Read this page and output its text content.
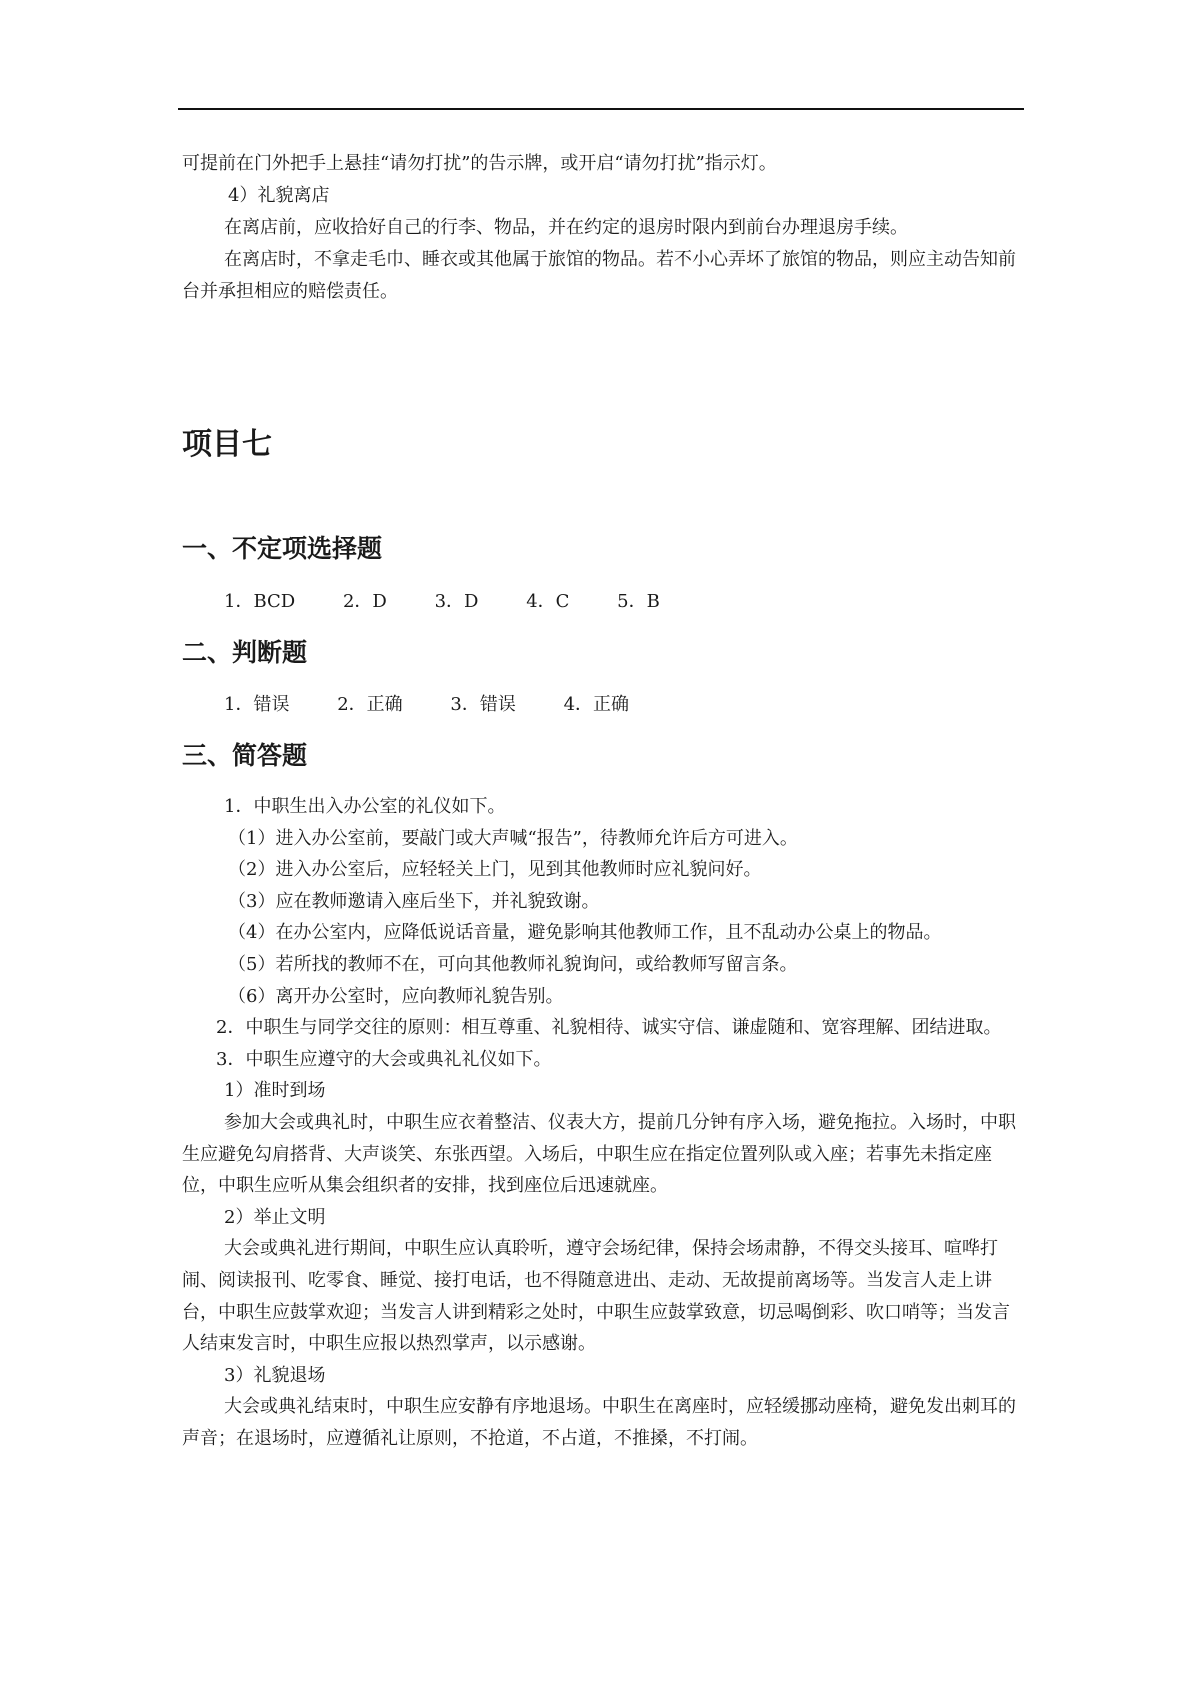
可提前在门外把手上悬挂“请勿打扰”的告示牌，或开启“请勿打扰”指示灯。

4）礼貌离店

在离店前，应收拾好自己的行李、物品，并在约定的退房时限内到前台办理退房手续。

在离店时，不拿走毛巾、睡衣或其他属于旅馆的物品。若不小心弄坏了旅馆的物品，则应主动告知前台并承担相应的赔偿责任。

项目七
一、不定项选择题
1．BCD	2．D	3．D	4．C	5．B
二、判断题
1．错误	2．正确	3．错误	4．正确
三、简答题

1．中职生出入办公室的礼仪如下。

（1）进入办公室前，要敲门或大声喊“报告”，待教师允许后方可进入。

（2）进入办公室后，应轻轻关上门，见到其他教师时应礼貌问好。

（3）应在教师邀请入座后坐下，并礼貌致谢。

（4）在办公室内，应降低说话音量，避免影响其他教师工作，且不乱动办公桌上的物品。

（5）若所找的教师不在，可向其他教师礼貌询问，或给教师写留言条。

（6）离开办公室时，应向教师礼貌告别。

2．中职生与同学交往的原则：相互尊重、礼貌相待、诚实守信、谦虚随和、宽容理解、团结进取。

3．中职生应遵守的大会或典礼礼仪如下。

1）准时到场

参加大会或典礼时，中职生应衣着整洁、仪表大方，提前几分钟有序入场，避免拖拉。入场时，中职生应避免勾肩搭背、大声谈笑、东张西望。入场后，中职生应在指定位置列队或入座；若事先未指定座位，中职生应听从集会组织者的安排，找到座位后迅速就座。

2）举止文明

大会或典礼进行期间，中职生应认真聆听，遵守会场纪律，保持会场肃静，不得交头接耳、喧哗打闹、阅读报刊、吃零食、睡觉、接打电话，也不得随意进出、走动、无故提前离场等。当发言人走上讲台，中职生应鼓掌欢迎；当发言人讲到精彩之处时，中职生应鼓掌致意，切忌喝倒彩、吹口哨等；当发言人结束发言时，中职生应报以热烈掌声，以示感谢。

3）礼貌退场

大会或典礼结束时，中职生应安静有序地退场。中职生在离座时，应轻缓挪动座椅，避免发出刺耳的声音；在退场时，应遵循礼让原则，不抢道，不占道，不推搡，不打闹。
